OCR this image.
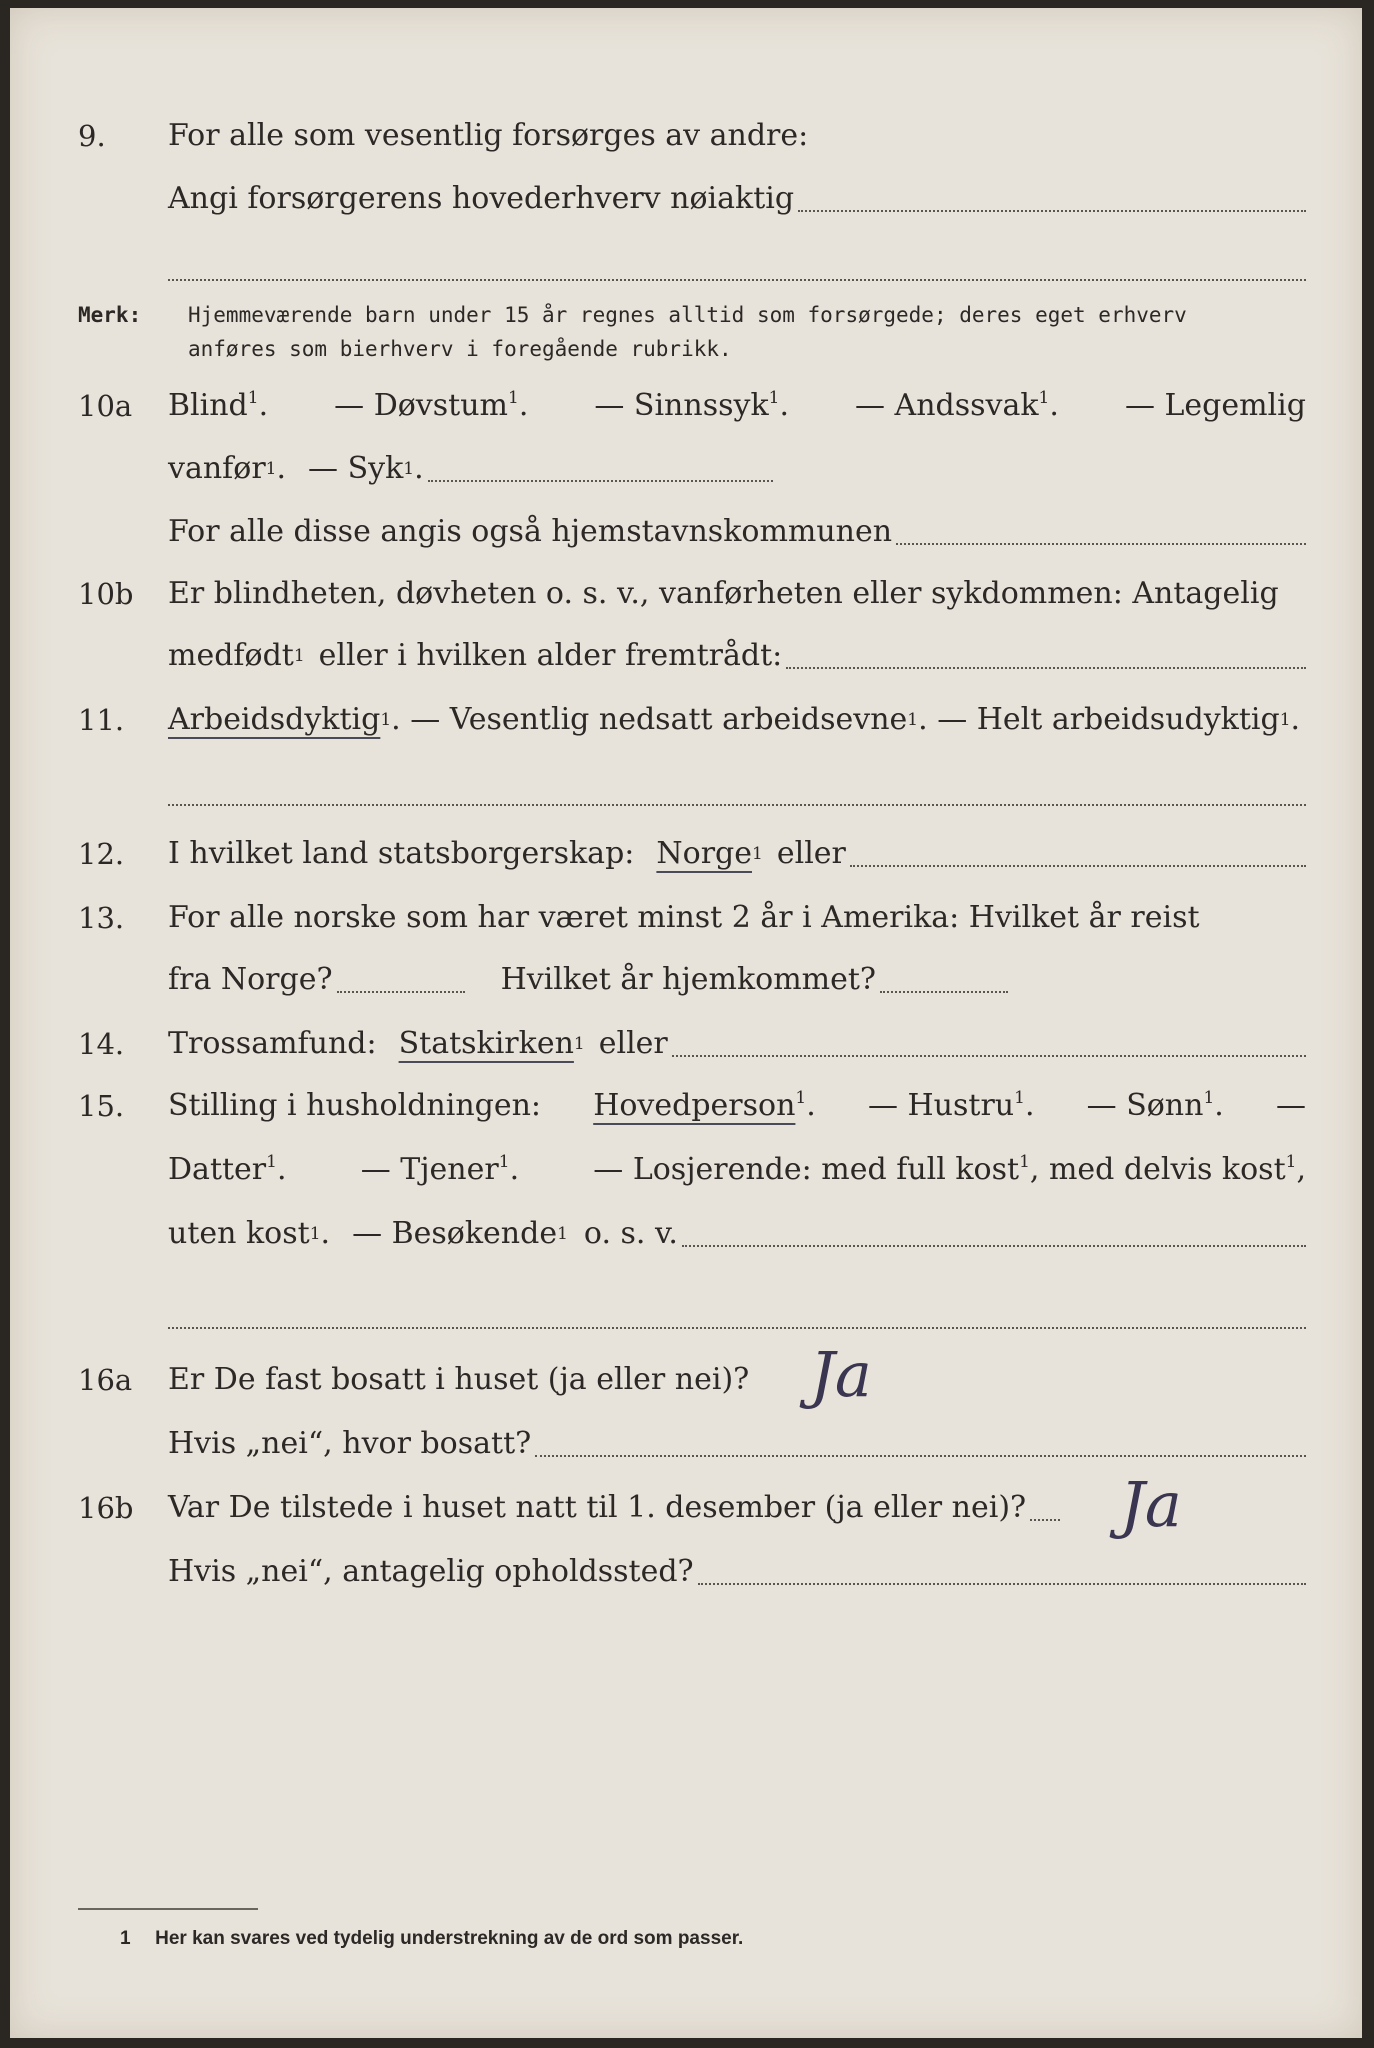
9. For alle som vesentlig forsørges av andre:
Angi forsørgerens hovederhverv nøiaktig
Merk: Hjemmeværende barn under 15 år regnes alltid som forsørgede; deres eget erhverv
anføres som bierhverv i foregående rubrikk.
10a Blind$^1$. — Døvstum$^1$. — Sinnssyk$^1$. — Andssvak$^1$. — Legemlig
vanfør 1 . — Syk 1 .
For alle disse angis også hjemstavnskommunen
10b Er blindheten, døvheten o. s. v., vanførheten eller sykdommen: Antagelig
medfødt 1 eller i hvilken alder fremtrådt:
11. Arbeidsdyktig 1 . — Vesentlig nedsatt arbeidsevne 1 . — Helt arbeidsudyktig 1 .
12. I hvilket land statsborgerskap: Norge 1 eller
13. For alle norske som har været minst 2 år i Amerika: Hvilket år reist
fra Norge?	Hvilket år hjemkommet?
14. Trossamfund: Statskirken 1 eller
15. Stilling i husholdningen: Hovedperson$^1$. — Hustru$^1$. — Sønn$^1$. —
Datter$^1$. — Tjener$^1$. — Losjerende: med full kost$^1$, med delvis kost$^1$,
uten kost 1 . — Besøkende 1 o. s. v.
16a Er De fast bosatt i huset (ja eller nei)? Ja
Hvis „nei“, hvor bosatt?
16b Var De tilstede i huset natt til 1. desember (ja eller nei)? Ja
Hvis „nei“, antagelig opholdssted?
1 Her kan svares ved tydelig understrekning av de ord som passer.
